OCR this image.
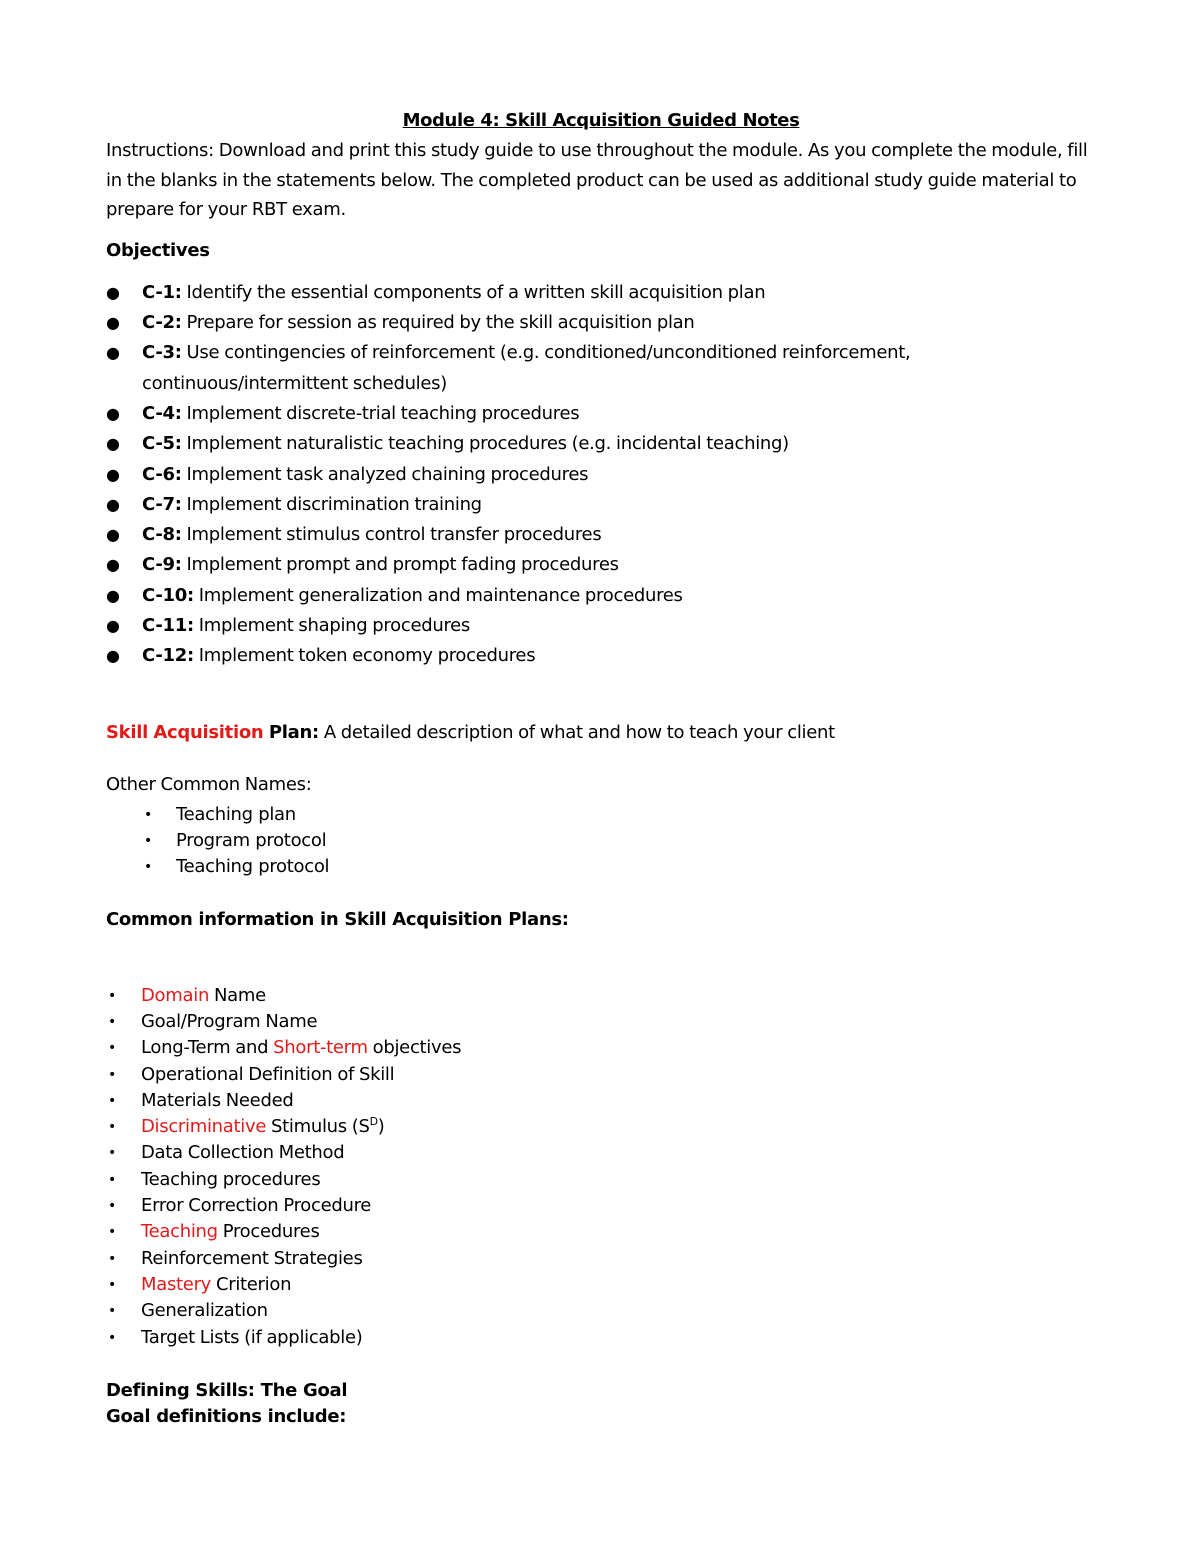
Module 4: Skill Acquisition Guided Notes

Instructions: Download and print this study guide to use throughout the module. As you complete the module, fill in the blanks in the statements below. The completed product can be used as additional study guide material to prepare for your RBT exam.

Objectives

● C-1: Identify the essential components of a written skill acquisition plan
● C-2: Prepare for session as required by the skill acquisition plan
● C-3: Use contingencies of reinforcement (e.g. conditioned/unconditioned reinforcement, continuous/intermittent schedules)
● C-4: Implement discrete-trial teaching procedures
● C-5: Implement naturalistic teaching procedures (e.g. incidental teaching)
● C-6: Implement task analyzed chaining procedures
● C-7: Implement discrimination training
● C-8: Implement stimulus control transfer procedures
● C-9: Implement prompt and prompt fading procedures
● C-10: Implement generalization and maintenance procedures
● C-11: Implement shaping procedures
● C-12: Implement token economy procedures

Skill Acquisition Plan: A detailed description of what and how to teach your client

Other Common Names:

• Teaching plan
• Program protocol
• Teaching protocol

Common information in Skill Acquisition Plans:

• Domain Name
• Goal/Program Name
• Long-Term and Short-term objectives
• Operational Definition of Skill
• Materials Needed
• Discriminative Stimulus $(S^D)$
• Data Collection Method
• Teaching procedures
• Error Correction Procedure
• Teaching Procedures
• Reinforcement Strategies
• Mastery Criterion
• Generalization
• Target Lists (if applicable)

Defining Skills: The Goal

Goal definitions include:
